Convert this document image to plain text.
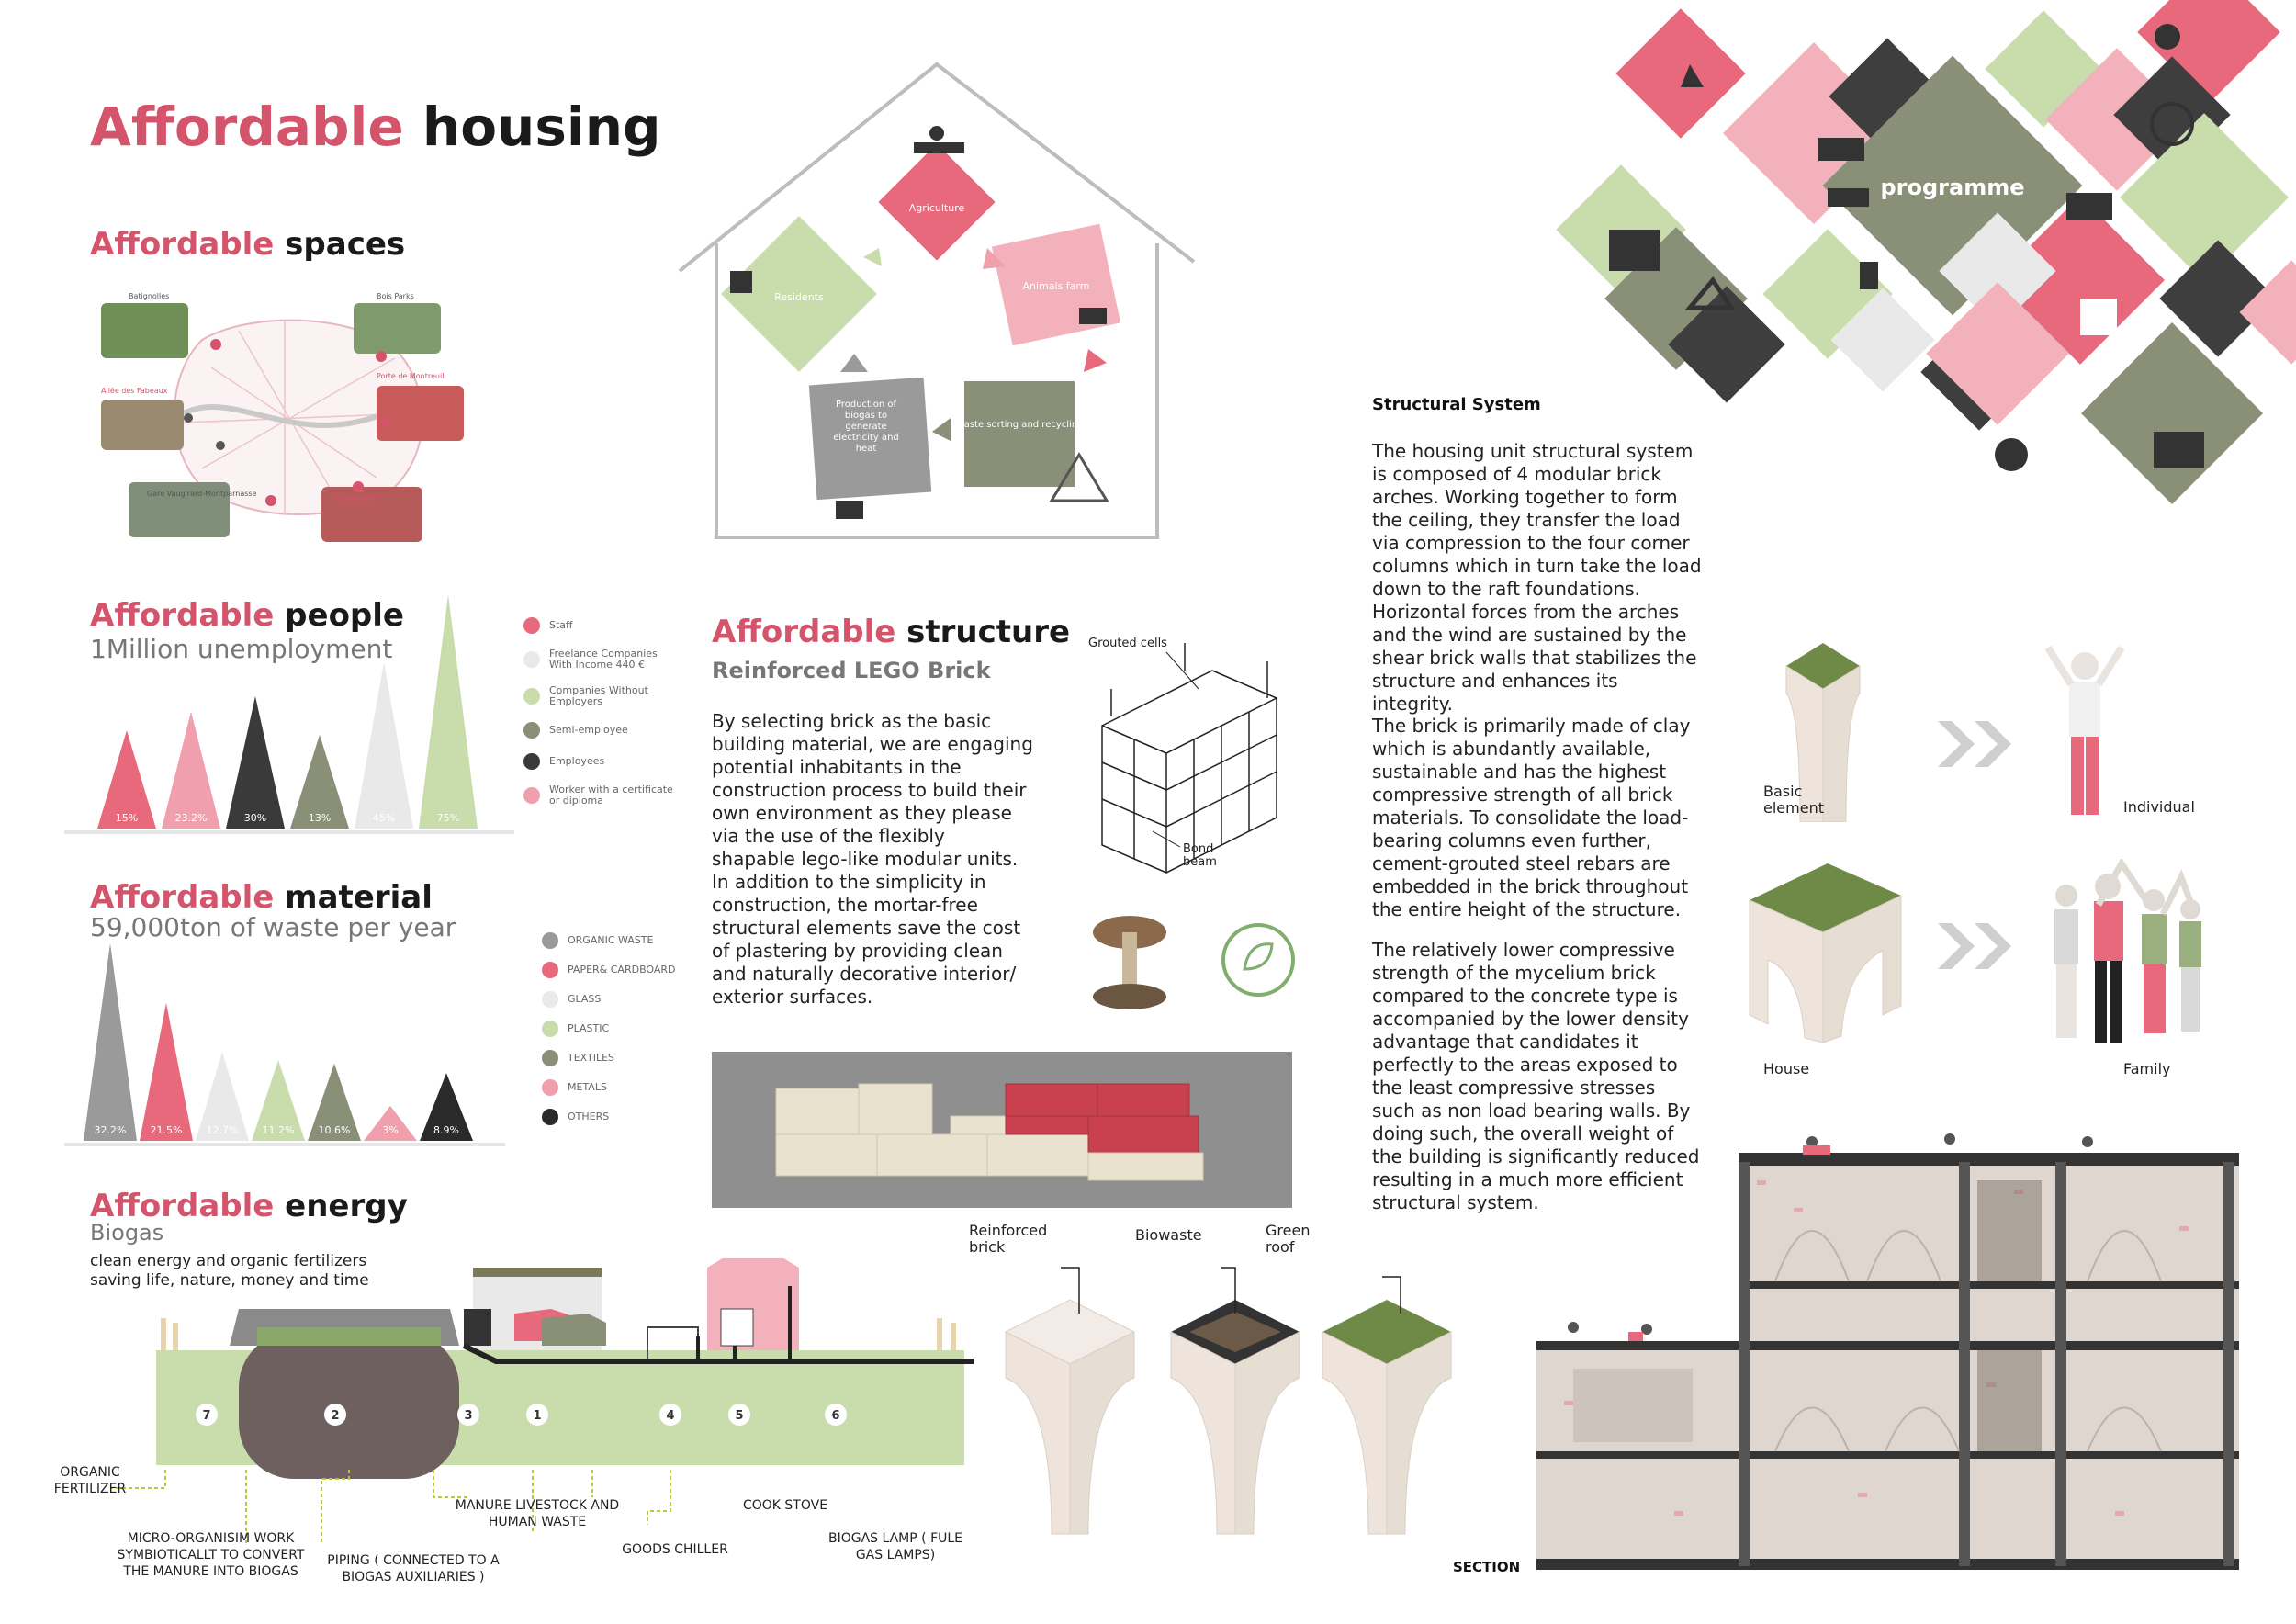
Affordable housing
Affordable spaces
Batignolles	Bois Parks
Allée des Fabeaux
Porte de Montreuil
Gare Vaugirard-Montparnasse
Chevaleret
Agriculture
Animals farm
Waste sorting and recycling
Residents
Production of biogas to generate electricity and heat
Affordable people
1Million unemployment
15%	23.2%	30%	13%	45%	75%
Staff
Freelance Companies With Income 440 €
Companies Without Employers
Semi-employee
Employees
Worker with a certificate or diploma
Affordable material
59,000ton of waste per year
32.2% 21.5% 12.7% 11.2% 10.6%	3%	8.9%
ORGANIC WASTE
PAPER& CARDBOARD
GLASS
PLASTIC
TEXTILES
METALS
OTHERS
Affordable structure
Reinforced LEGO Brick
By selecting brick as the basic building material, we are engaging potential inhabitants in the construction process to build their own environment as they please via the use of the flexibly shapable lego-like modular units. In addition to the simplicity in construction, the mortar-free structural elements save the cost of plastering by providing clean and naturally decorative interior/ exterior surfaces.
Grouted cells
Bond beam
Structural System
The housing unit structural system is composed of 4 modular brick arches. Working together to form the ceiling, they transfer the load via compression to the four corner columns which in turn take the load down to the raft foundations. Horizontal forces from the arches and the wind are sustained by the shear brick walls that stabilizes the structure and enhances its integrity.
The brick is primarily made of clay which is abundantly available, sustainable and has the highest compressive strength of all brick materials. To consolidate the load-bearing columns even further, cement-grouted steel rebars are embedded in the brick throughout the entire height of the structure.
The relatively lower compressive strength of the mycelium brick compared to the concrete type is accompanied by the lower density advantage that candidates it perfectly to the areas exposed to the least compressive stresses such as non load bearing walls. By doing such, the overall weight of the building is significantly reduced resulting in a much more efficient structural system.
programme
Basic element	Individual
House	Family
Affordable energy
Biogas
clean energy and organic fertilizers saving life, nature, money and time
7	2	3	1	4	5	6
ORGANIC FERTILIZER
MICRO-ORGANISIM WORK SYMBIOTICALLT TO CONVERT THE MANURE INTO BIOGAS
PIPING ( CONNECTED TO A BIOGAS AUXILIARIES )
MANURE LIVESTOCK AND HUMAN WASTE
GOODS CHILLER
COOK STOVE
BIOGAS LAMP ( FULE GAS LAMPS)
Reinforced brick
Biowaste	Green roof
SECTION
